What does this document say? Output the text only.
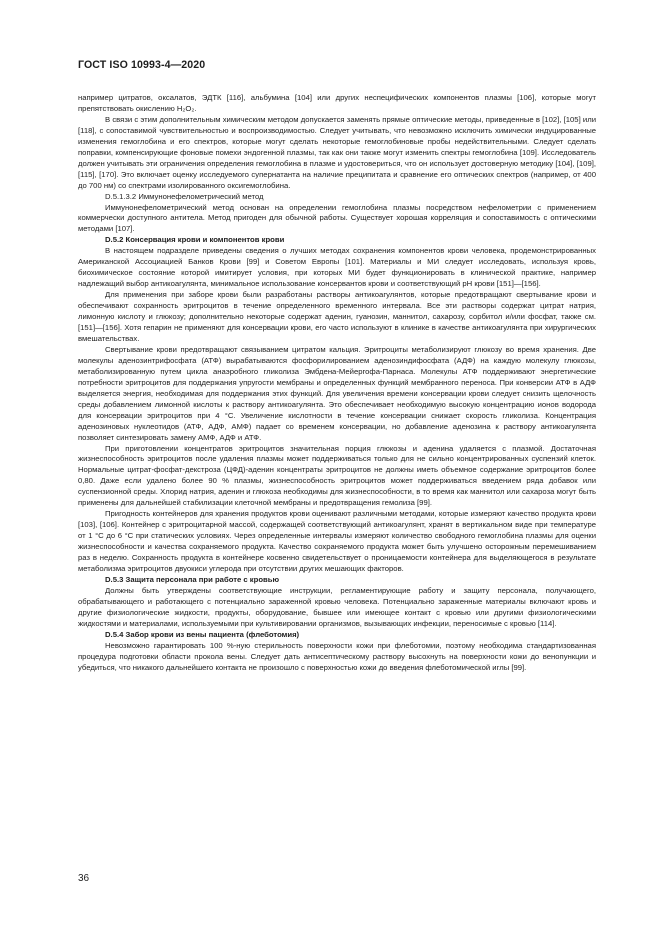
ГОСТ ISO 10993-4—2020

например цитратов, оксалатов, ЭДТК [116], альбумина [104] или других неспецифических компонентов плазмы [106], которые могут препятствовать окислению H₂O₂.

В связи с этим дополнительным химическим методом допускается заменять прямые оптические методы, приведенные в [102], [105] или [118], с сопоставимой чувствительностью и воспроизводимостью. Следует учитывать, что невозможно исключить химически индуцированные изменения гемоглобина и его спектров, которые могут сделать некоторые гемоглобиновые пробы недействительными. Следует сделать поправки, компенсирующие фоновые помехи эндогенной плазмы, так как они также могут изменить спектры гемоглобина [109]. Исследователь должен учитывать эти ограничения определения гемоглобина в плазме и удостовериться, что он использует достоверную методику [104], [109], [115], [170]. Это включает оценку исследуемого супернатанта на наличие преципитата и сравнение его оптических спектров (например, от 400 до 700 нм) со спектрами изолированного оксигемоглобина.

D.5.1.3.2 Иммунонефелометрический метод

Иммунонефелометрический метод основан на определении гемоглобина плазмы посредством нефелометрии с применением коммерчески доступного антитела. Метод пригоден для обычной работы. Существует хорошая корреляция и сопоставимость с оптическими методами [107].

D.5.2 Консервация крови и компонентов крови

В настоящем подразделе приведены сведения о лучших методах сохранения компонентов крови человека, продемонстрированных Американской Ассоциацией Банков Крови [99] и Советом Европы [101]. Материалы и МИ следует исследовать, используя кровь, биохимическое состояние которой имитирует условия, при которых МИ будет функционировать в клинической практике, например надлежащий выбор антикоагулянта, минимальное использование консервантов крови и соответствующий pH крови [151]—[156].

Для применения при заборе крови были разработаны растворы антикоагулянтов, которые предотвращают свертывание крови и обеспечивают сохранность эритроцитов в течение определенного временного интервала. Все эти растворы содержат цитрат натрия, лимонную кислоту и глюкозу; дополнительно некоторые содержат аденин, гуанозин, маннитол, сахарозу, сорбитол и/или фосфат, также см. [151]—[156]. Хотя гепарин не применяют для консервации крови, его часто используют в клинике в качестве антикоагулянта при хирургических вмешательствах.

Свертывание крови предотвращают связыванием цитратом кальция. Эритроциты метаболизируют глюкозу во время хранения. Две молекулы аденозинтрифосфата (АТФ) вырабатываются фосфорилированием аденозиндифосфата (АДФ) на каждую молекулу глюкозы, метаболизированную путем цикла анаэробного гликолиза Эмбдена-Мейергофа-Парнаса. Молекулы АТФ поддерживают энергетические потребности эритроцитов для поддержания упругости мембраны и определенных функций мембранного переноса. При конверсии АТФ в АДФ выделяется энергия, необходимая для поддержания этих функций. Для увеличения времени консервации крови следует снизить щелочность среды добавлением лимонной кислоты к раствору антикоагулянта. Это обеспечивает необходимую высокую концентрацию ионов водорода для консервации эритроцитов при 4 °С. Увеличение кислотности в течение консервации снижает скорость гликолиза. Концентрация аденозиновых нуклеотидов (АТФ, АДФ, АМФ) падает со временем консервации, но добавление аденозина к раствору антикоагулянта позволяет синтезировать замену АМФ, АДФ и АТФ.

При приготовлении концентратов эритроцитов значительная порция глюкозы и аденина удаляется с плазмой. Достаточная жизнеспособность эритроцитов после удаления плазмы может поддерживаться только для не сильно концентрированных суспензий клеток. Нормальные цитрат-фосфат-декстроза (ЦФД)-аденин концентраты эритроцитов не должны иметь объемное содержание эритроцитов более 0,80. Даже если удалено более 90 % плазмы, жизнеспособность эритроцитов может поддерживаться введением ряда добавок или суспензионной среды. Хлорид натрия, аденин и глюкоза необходимы для жизнеспособности, в то время как маннитол или сахароза могут быть применены для дальнейшей стабилизации клеточной мембраны и предотвращения гемолиза [99].

Пригодность контейнеров для хранения продуктов крови оценивают различными методами, которые измеряют качество продукта крови [103], [106]. Контейнер с эритроцитарной массой, содержащей соответствующий антикоагулянт, хранят в вертикальном виде при температуре от 1 °С до 6 °С при статических условиях. Через определенные интервалы измеряют количество свободного гемоглобина плазмы для оценки жизнеспособности и качества сохраняемого продукта. Качество сохраняемого продукта может быть улучшено осторожным перемешиванием раз в неделю. Сохранность продукта в контейнере косвенно свидетельствует о проницаемости контейнера для выделяющегося в результате метаболизма эритроцитов двуокиси углерода при отсутствии других мешающих факторов.

D.5.3 Защита персонала при работе с кровью

Должны быть утверждены соответствующие инструкции, регламентирующие работу и защиту персонала, получающего, обрабатывающего и работающего с потенциально зараженной кровью человека. Потенциально зараженные материалы включают кровь и другие физиологические жидкости, продукты, оборудование, бывшее или имеющее контакт с кровью или другими физиологическими жидкостями и материалами, используемыми при культивировании организмов, вызывающих инфекции, переносимые с кровью [114].

D.5.4 Забор крови из вены пациента (флеботомия)

Невозможно гарантировать 100 %-ную стерильность поверхности кожи при флеботомии, поэтому необходима стандартизованная процедура подготовки области прокола вены. Следует дать антисептическому раствору высохнуть на поверхности кожи до венопункции и убедиться, что никакого дальнейшего контакта не произошло с поверхностью кожи до введения флеботомической иглы [99].

36
